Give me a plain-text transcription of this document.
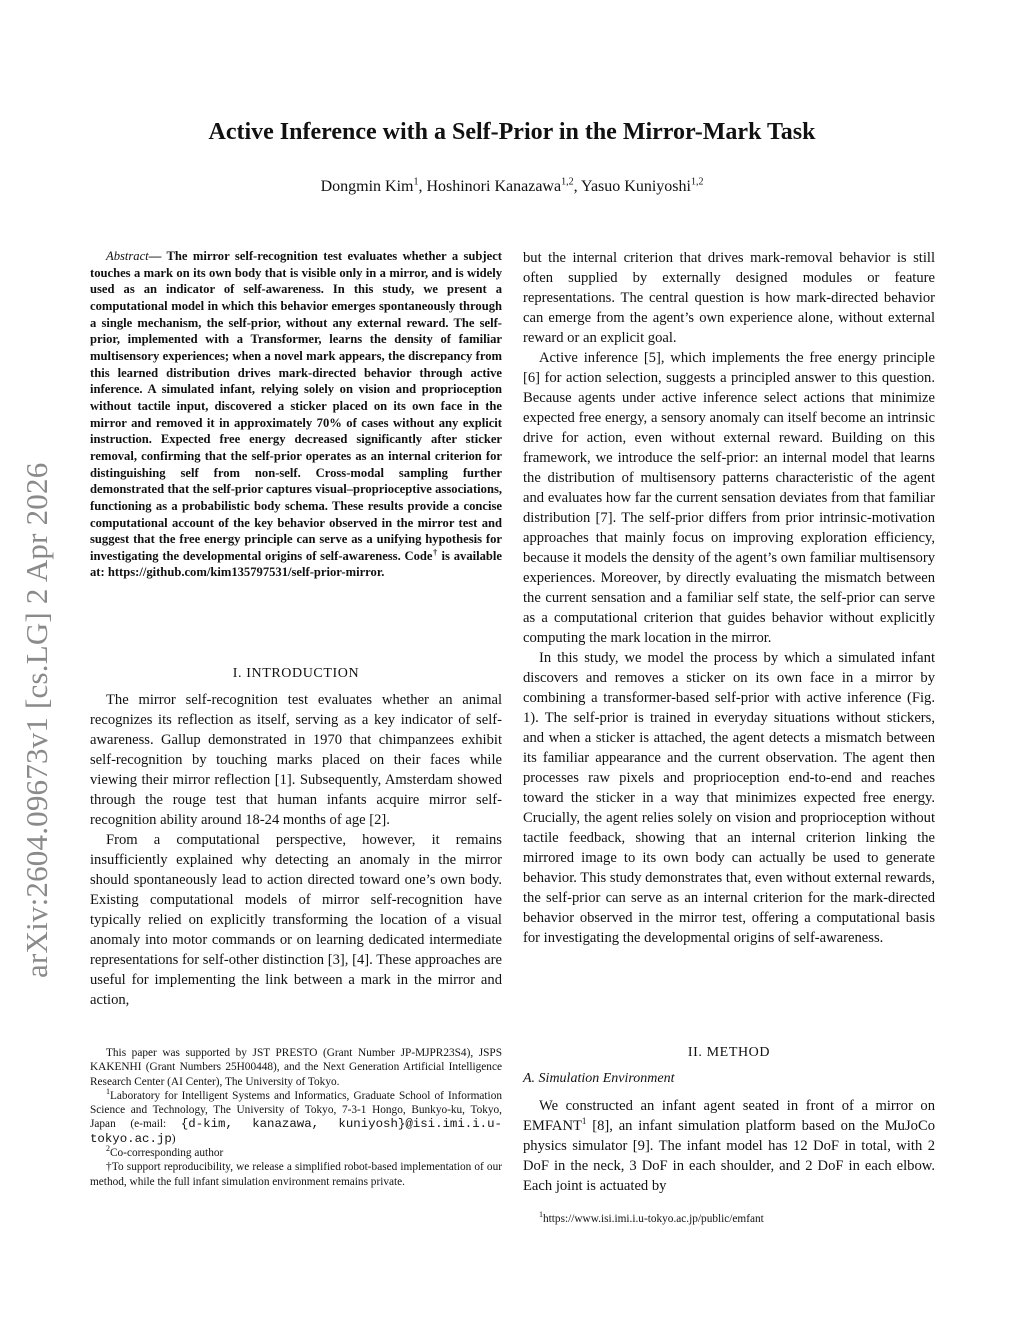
arXiv:2604.09673v1 [cs.LG] 2 Apr 2026
Active Inference with a Self-Prior in the Mirror-Mark Task
Dongmin Kim$^1$, Hoshinori Kanazawa$^{1,2}$, Yasuo Kuniyoshi$^{1,2}$
Abstract— The mirror self-recognition test evaluates whether a subject touches a mark on its own body that is visible only in a mirror, and is widely used as an indicator of self-awareness. In this study, we present a computational model in which this behavior emerges spontaneously through a single mechanism, the self-prior, without any external reward. The self-prior, implemented with a Transformer, learns the density of familiar multisensory experiences; when a novel mark appears, the discrepancy from this learned distribution drives mark-directed behavior through active inference. A simulated infant, relying solely on vision and proprioception without tactile input, discovered a sticker placed on its own face in the mirror and removed it in approximately 70% of cases without any explicit instruction. Expected free energy decreased significantly after sticker removal, confirming that the self-prior operates as an internal criterion for distinguishing self from non-self. Cross-modal sampling further demonstrated that the self-prior captures visual–proprioceptive associations, functioning as a probabilistic body schema. These results provide a concise computational account of the key behavior observed in the mirror test and suggest that the free energy principle can serve as a unifying hypothesis for investigating the developmental origins of self-awareness. Code† is available at: https://github.com/kim135797531/self-prior-mirror.
I. INTRODUCTION

The mirror self-recognition test evaluates whether an animal recognizes its reflection as itself, serving as a key indicator of self-awareness. Gallup demonstrated in 1970 that chimpanzees exhibit self-recognition by touching marks placed on their faces while viewing their mirror reflection [1]. Subsequently, Amsterdam showed through the rouge test that human infants acquire mirror self-recognition ability around 18-24 months of age [2].

From a computational perspective, however, it remains insufficiently explained why detecting an anomaly in the mirror should spontaneously lead to action directed toward one’s own body. Existing computational models of mirror self-recognition have typically relied on explicitly transforming the location of a visual anomaly into motor commands or on learning dedicated intermediate representations for self-other distinction [3], [4]. These approaches are useful for implementing the link between a mark in the mirror and action,

This paper was supported by JST PRESTO (Grant Number JP-MJPR23S4), JSPS KAKENHI (Grant Numbers 25H00448), and the Next Generation Artificial Intelligence Research Center (AI Center), The University of Tokyo.

$^1$Laboratory for Intelligent Systems and Informatics, Graduate School of Information Science and Technology, The University of Tokyo, 7-3-1 Hongo, Bunkyo-ku, Tokyo, Japan (e-mail: {d-kim, kanazawa, kuniyosh}@isi.imi.i.u-tokyo.ac.jp)

$^2$Co-corresponding author

†To support reproducibility, we release a simplified robot-based implementation of our method, while the full infant simulation environment remains private.

but the internal criterion that drives mark-removal behavior is still often supplied by externally designed modules or feature representations. The central question is how mark-directed behavior can emerge from the agent’s own experience alone, without external reward or an explicit goal.

Active inference [5], which implements the free energy principle [6] for action selection, suggests a principled answer to this question. Because agents under active inference select actions that minimize expected free energy, a sensory anomaly can itself become an intrinsic drive for action, even without external reward. Building on this framework, we introduce the self-prior: an internal model that learns the distribution of multisensory patterns characteristic of the agent and evaluates how far the current sensation deviates from that familiar distribution [7]. The self-prior differs from prior intrinsic-motivation approaches that mainly focus on improving exploration efficiency, because it models the density of the agent’s own familiar multisensory experiences. Moreover, by directly evaluating the mismatch between the current sensation and a familiar self state, the self-prior can serve as a computational criterion that guides behavior without explicitly computing the mark location in the mirror.

In this study, we model the process by which a simulated infant discovers and removes a sticker on its own face in a mirror by combining a transformer-based self-prior with active inference (Fig. 1). The self-prior is trained in everyday situations without stickers, and when a sticker is attached, the agent detects a mismatch between its familiar appearance and the current observation. The agent then processes raw pixels and proprioception end-to-end and reaches toward the sticker in a way that minimizes expected free energy. Crucially, the agent relies solely on vision and proprioception without tactile feedback, showing that an internal criterion linking the mirrored image to its own body can actually be used to generate behavior. This study demonstrates that, even without external rewards, the self-prior can serve as an internal criterion for the mark-directed behavior observed in the mirror test, offering a computational basis for investigating the developmental origins of self-awareness.

II. METHOD
A. Simulation Environment

We constructed an infant agent seated in front of a mirror on EMFANT$^1$ [8], an infant simulation platform based on the MuJoCo physics simulator [9]. The infant model has 12 DoF in total, with 2 DoF in the neck, 3 DoF in each shoulder, and 2 DoF in each elbow. Each joint is actuated by

$^1$https://www.isi.imi.i.u-tokyo.ac.jp/public/emfant
